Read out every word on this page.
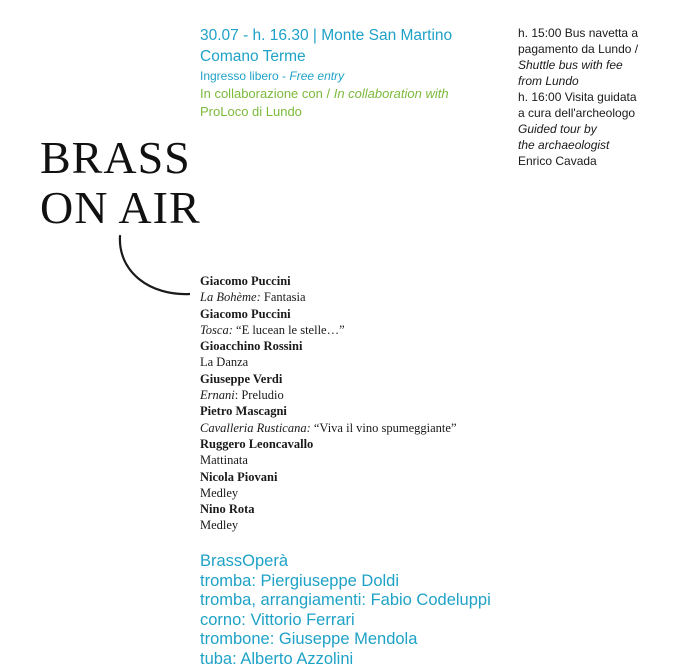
30.07 - h. 16.30 | Monte San Martino
Comano Terme
Ingresso libero - Free entry
In collaborazione con / In collaboration with
ProLoco di Lundo
h. 15:00 Bus navetta a
pagamento da Lundo /
Shuttle bus with fee
from Lundo
h. 16:00 Visita guidata
a cura dell'archeologo
Guided tour by
the archaeologist
Enrico Cavada
BRASS
ON AIR
Giacomo Puccini
La Bohème: Fantasia
Giacomo Puccini
Tosca: “E lucean le stelle…”
Gioacchino Rossini
La Danza
Giuseppe Verdi
Ernani: Preludio
Pietro Mascagni
Cavalleria Rusticana: “Viva il vino spumeggiante”
Ruggero Leoncavallo
Mattinata
Nicola Piovani
Medley
Nino Rota
Medley
BrassOperà
tromba: Piergiuseppe Doldi
tromba, arrangiamenti: Fabio Codeluppi
corno: Vittorio Ferrari
trombone: Giuseppe Mendola
tuba: Alberto Azzolini
